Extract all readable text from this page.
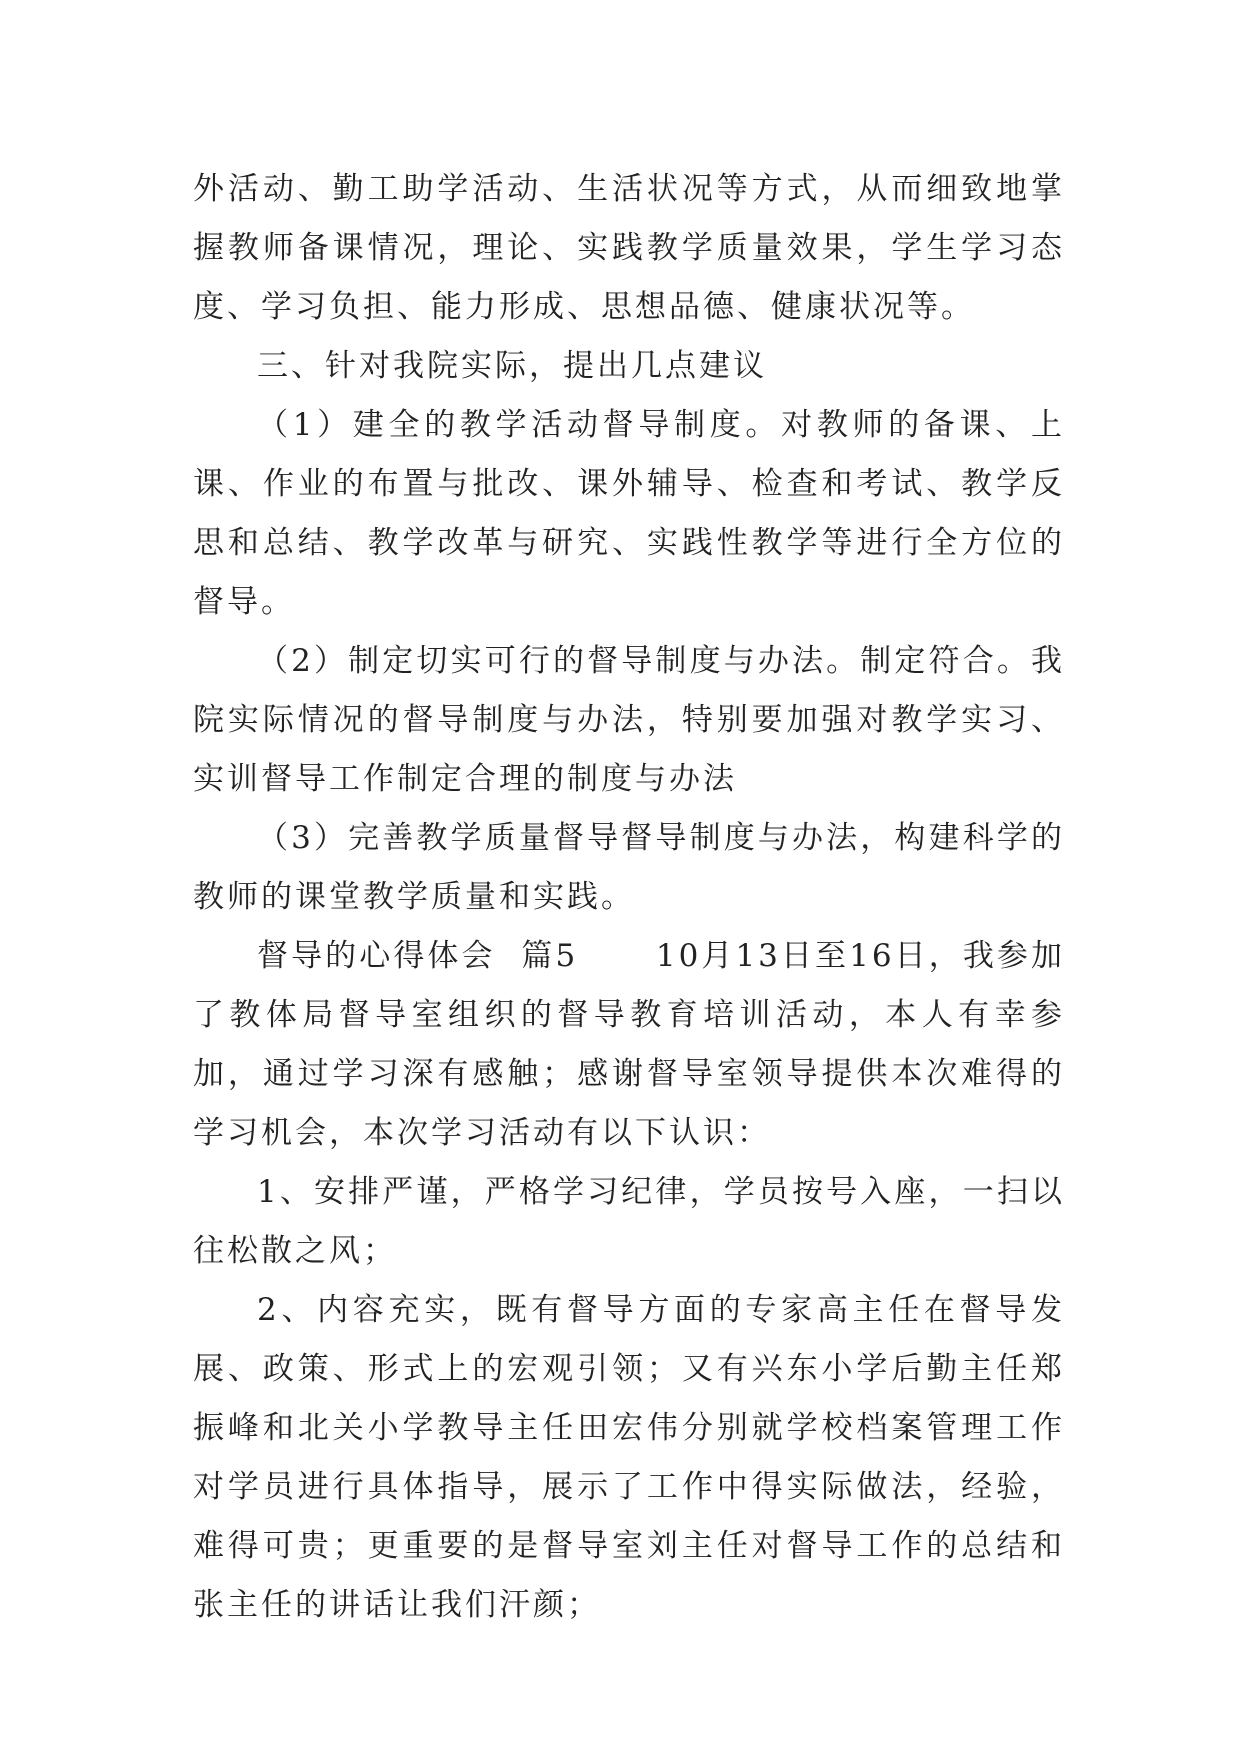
外活动、勤工助学活动、生活状况等方式，从而细致地掌握教师备课情况，理论、实践教学质量效果，学生学习态度、学习负担、能力形成、思想品德、健康状况等。

三、针对我院实际，提出几点建议

（1）建全的教学活动督导制度。对教师的备课、上课、作业的布置与批改、课外辅导、检查和考试、教学反思和总结、教学改革与研究、实践性教学等进行全方位的督导。

（2）制定切实可行的督导制度与办法。制定符合。我院实际情况的督导制度与办法，特别要加强对教学实习、实训督导工作制定合理的制度与办法

（3）完善教学质量督导督导制度与办法，构建科学的教师的课堂教学质量和实践。

督导的心得体会  篇5      10月13日至16日，我参加了教体局督导室组织的督导教育培训活动，本人有幸参加，通过学习深有感触；感谢督导室领导提供本次难得的学习机会，本次学习活动有以下认识：

1、安排严谨，严格学习纪律，学员按号入座，一扫以往松散之风；

2、内容充实，既有督导方面的专家高主任在督导发展、政策、形式上的宏观引领；又有兴东小学后勤主任郑振峰和北关小学教导主任田宏伟分别就学校档案管理工作对学员进行具体指导，展示了工作中得实际做法，经验，难得可贵；更重要的是督导室刘主任对督导工作的总结和张主任的讲话让我们汗颜；
